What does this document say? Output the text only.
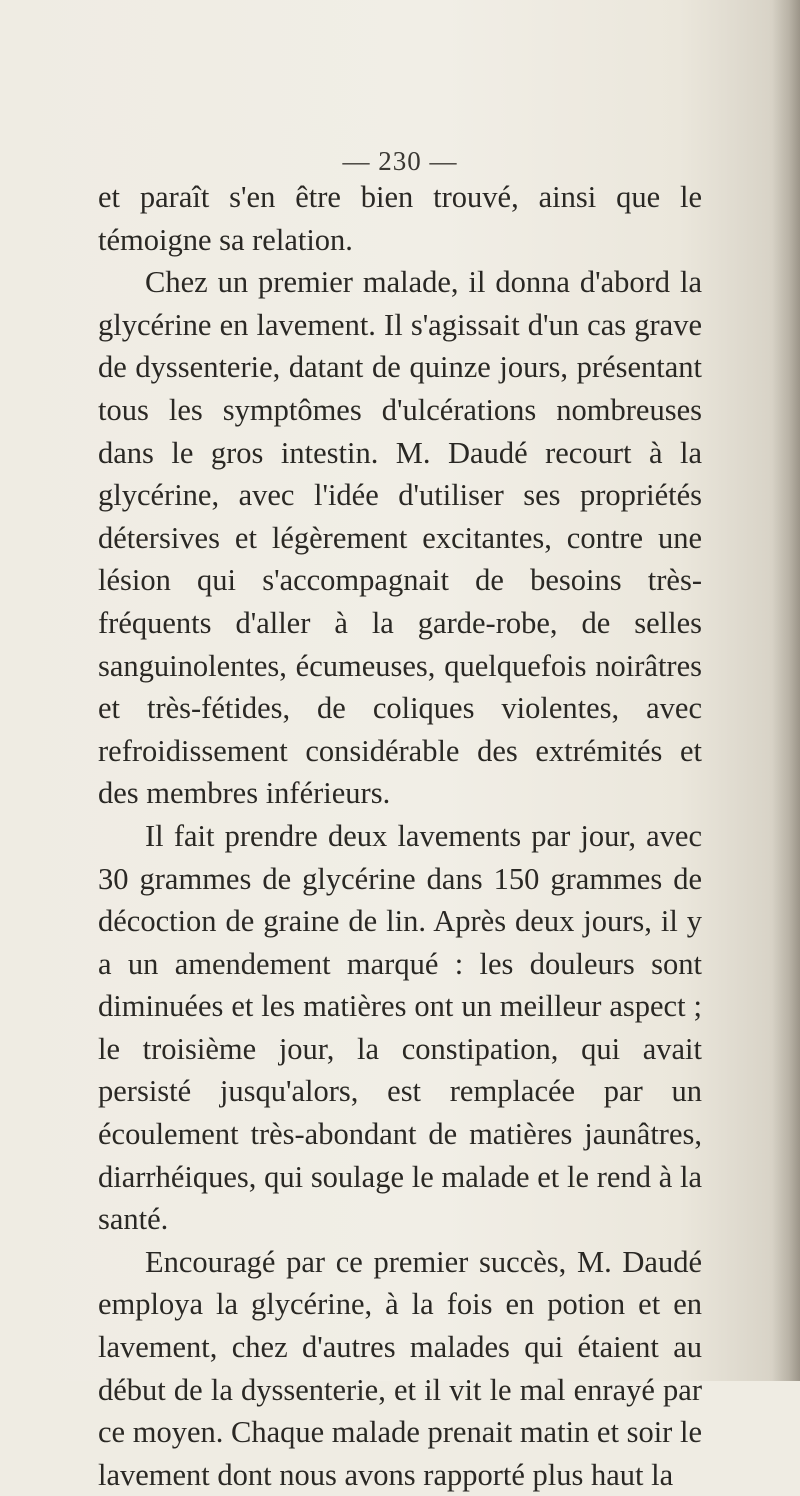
— 230 —

et paraît s'en être bien trouvé, ainsi que le témoigne sa relation.

Chez un premier malade, il donna d'abord la glycérine en lavement. Il s'agissait d'un cas grave de dyssenterie, datant de quinze jours, présentant tous les symptômes d'ulcérations nombreuses dans le gros intestin. M. Daudé recourt à la glycérine, avec l'idée d'utiliser ses propriétés détersives et légèrement excitantes, contre une lésion qui s'accompagnait de besoins très-fréquents d'aller à la garde-robe, de selles sanguinolentes, écumeuses, quelquefois noirâtres et très-fétides, de coliques violentes, avec refroidissement considérable des extrémités et des membres inférieurs.

Il fait prendre deux lavements par jour, avec 30 grammes de glycérine dans 150 grammes de décoction de graine de lin. Après deux jours, il y a un amendement marqué : les douleurs sont diminuées et les matières ont un meilleur aspect ; le troisième jour, la constipation, qui avait persisté jusqu'alors, est remplacée par un écoulement très-abondant de matières jaunâtres, diarrhéiques, qui soulage le malade et le rend à la santé.

Encouragé par ce premier succès, M. Daudé employa la glycérine, à la fois en potion et en lavement, chez d'autres malades qui étaient au début de la dyssenterie, et il vit le mal enrayé par ce moyen. Chaque malade prenait matin et soir le lavement dont nous avons rapporté plus haut la
